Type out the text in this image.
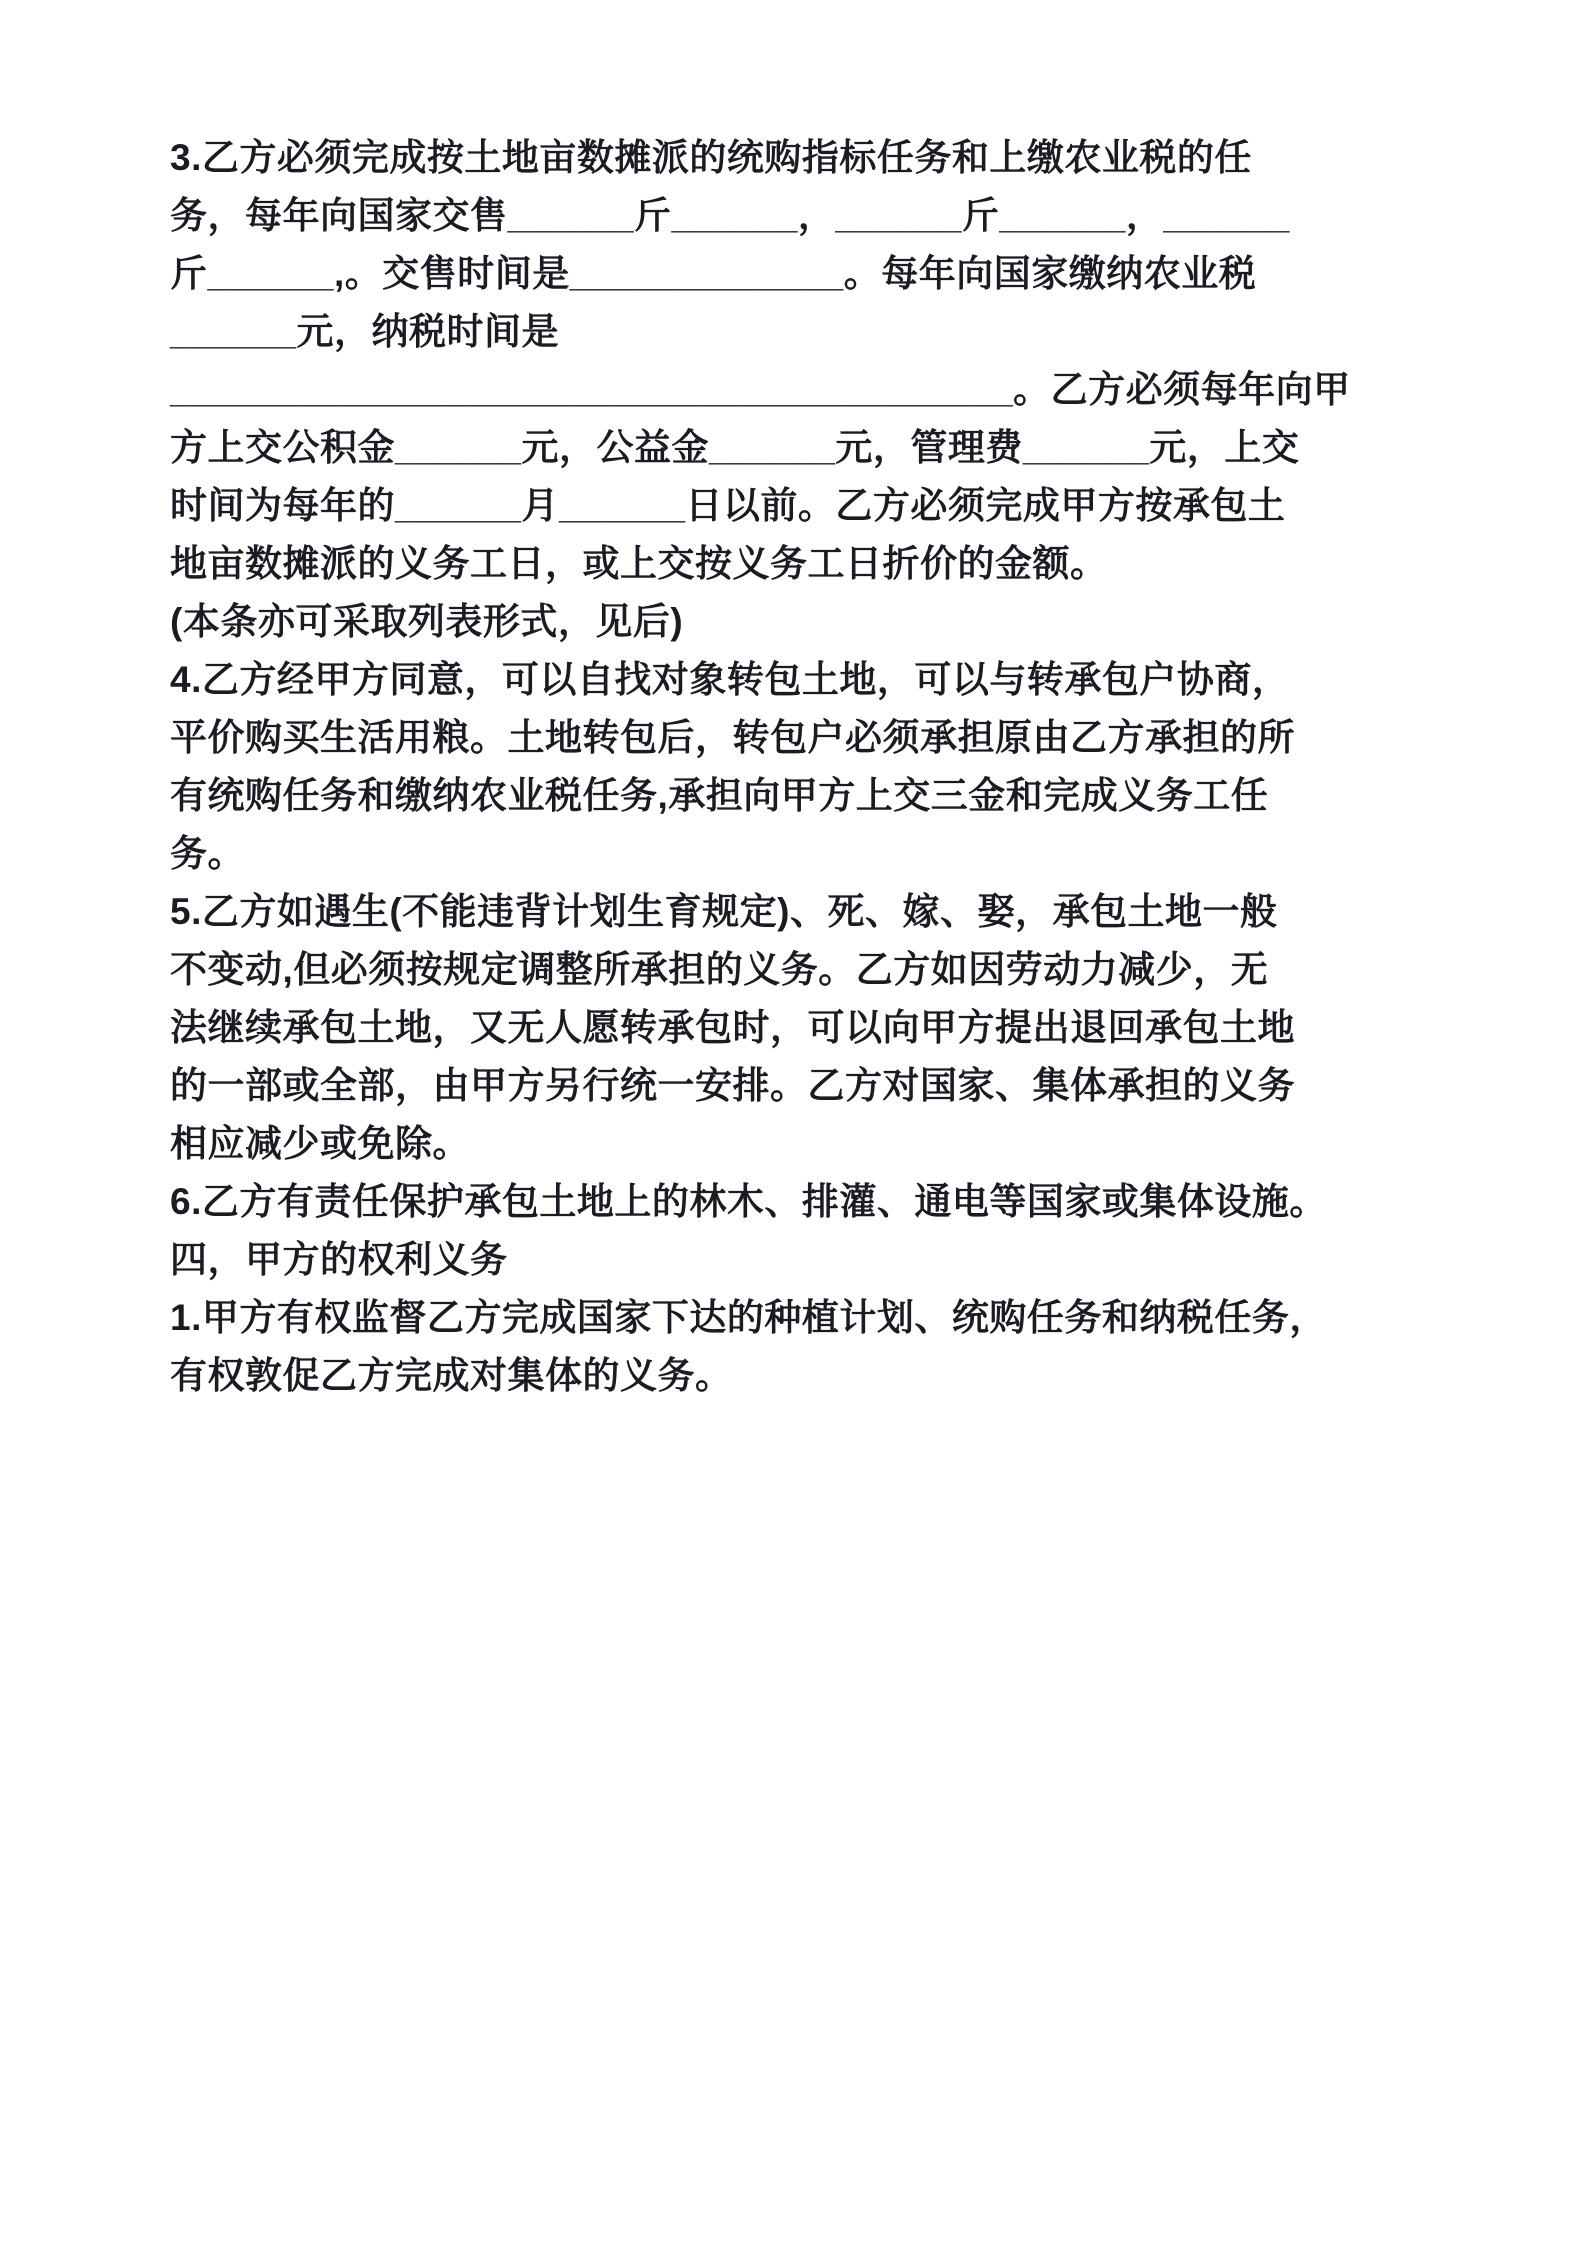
3.乙方必须完成按土地亩数摊派的统购指标任务和上缴农业税的任
务，每年向国家交售______斤______，______斤______，______
斤______,。交售时间是_____________。每年向国家缴纳农业税
______元，纳税时间是
________________________________________。乙方必须每年向甲
方上交公积金______元，公益金______元，管理费______元，上交
时间为每年的______月______日以前。乙方必须完成甲方按承包土
地亩数摊派的义务工日，或上交按义务工日折价的金额。
(本条亦可采取列表形式，见后)
4.乙方经甲方同意，可以自找对象转包土地，可以与转承包户协商，
平价购买生活用粮。土地转包后，转包户必须承担原由乙方承担的所
有统购任务和缴纳农业税任务,承担向甲方上交三金和完成义务工任
务。
5.乙方如遇生(不能违背计划生育规定)、死、嫁、娶，承包土地一般
不变动,但必须按规定调整所承担的义务。乙方如因劳动力减少，无
法继续承包土地，又无人愿转承包时，可以向甲方提出退回承包土地
的一部或全部，由甲方另行统一安排。乙方对国家、集体承担的义务
相应减少或免除。
6.乙方有责任保护承包土地上的林木、排灌、通电等国家或集体设施。
四，甲方的权利义务
1.甲方有权监督乙方完成国家下达的种植计划、统购任务和纳税任务，
有权敦促乙方完成对集体的义务。
